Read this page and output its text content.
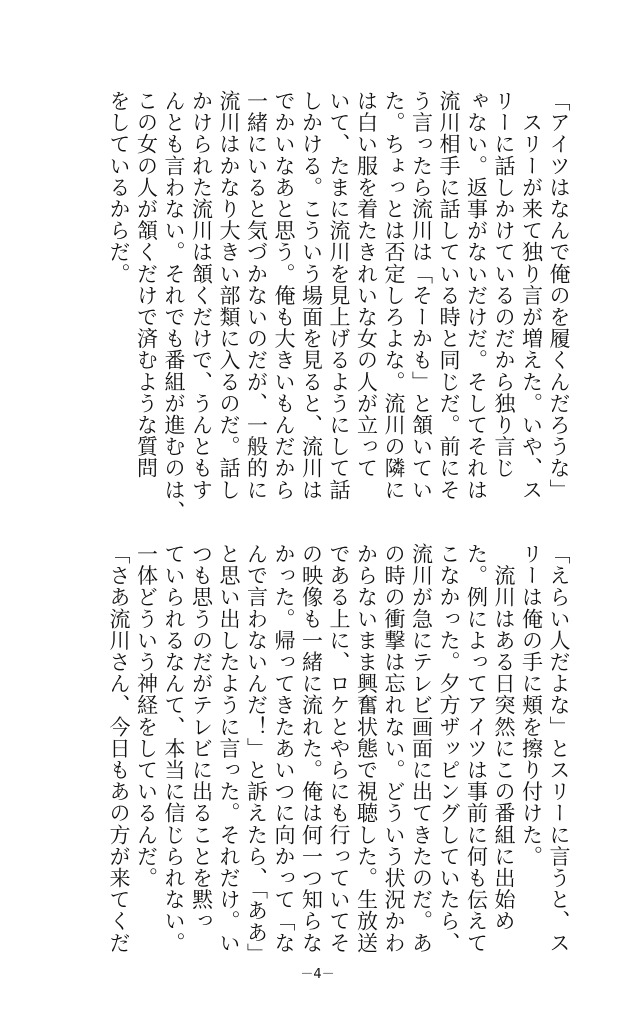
「アイツはなんで俺のを履くんだろうな」
　スリーが来て独り言が増えた。いや、ス
リーに話しかけているのだから独り言じ
ゃない。返事がないだけだ。そしてそれは
流川相手に話している時と同じだ。前にそ
う言ったら流川は「そーかも」と頷いてい
た。ちょっとは否定しろよな。流川の隣に
は白い服を着たきれいな女の人が立って
いて、たまに流川を見上げるようにして話
しかける。こういう場面を見ると、流川は
でかいなあと思う。俺も大きいもんだから
一緒にいると気づかないのだが、一般的に
流川はかなり大きい部類に入るのだ。話し
かけられた流川は頷くだけで、うんともす
んとも言わない。それでも番組が進むのは、
この女の人が頷くだけで済むような質問
をしているからだ。
「えらい人だよな」とスリーに言うと、ス
リーは俺の手に頬を擦り付けた。
　流川はある日突然にこの番組に出始め
た。例によってアイツは事前に何も伝えて
こなかった。夕方ザッピングしていたら、
流川が急にテレビ画面に出てきたのだ。あ
の時の衝撃は忘れない。どういう状況かわ
からないまま興奮状態で視聴した。生放送
である上に、ロケとやらにも行っていてそ
の映像も一緒に流れた。俺は何一つ知らな
かった。帰ってきたあいつに向かって「な
んで言わないんだ！」と訴えたら、「ああ」
と思い出したように言った。それだけ。い
つも思うのだがテレビに出ることを黙っ
ていられるなんて、本当に信じられない。
一体どういう神経をしているんだ。
「さあ流川さん、今日もあの方が来てくだ
－4－
